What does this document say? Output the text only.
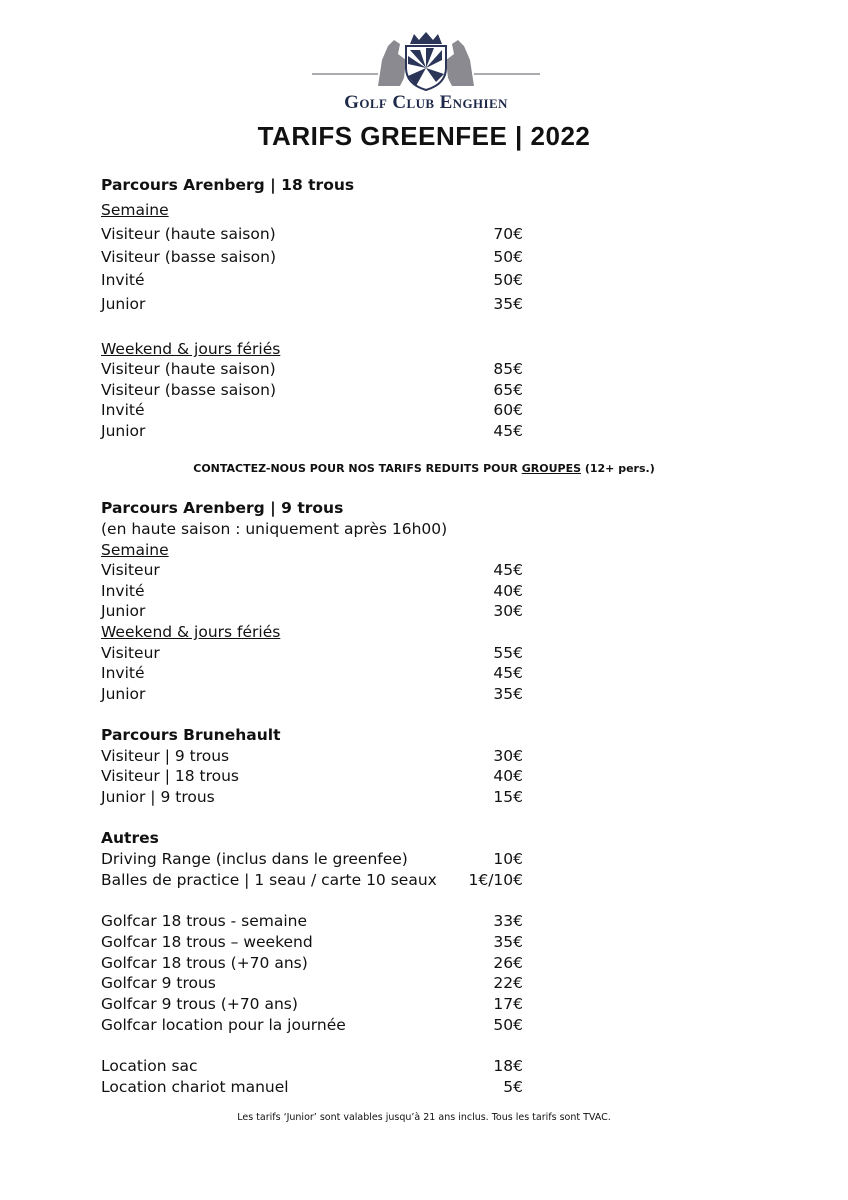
Golf Club Enghien
TARIFS GREENFEE | 2022
Parcours Arenberg | 18 trous
Semaine
Visiteur (haute saison)	70€
Visiteur (basse saison)	50€
Invité	50€
Junior	35€
Weekend & jours fériés
Visiteur (haute saison)	85€
Visiteur (basse saison)	65€
Invité	60€
Junior	45€
CONTACTEZ-NOUS POUR NOS TARIFS REDUITS POUR GROUPES (12+ pers.)
Parcours Arenberg | 9 trous
(en haute saison : uniquement après 16h00)
Semaine
Visiteur	45€
Invité	40€
Junior	30€
Weekend & jours fériés
Visiteur	55€
Invité	45€
Junior	35€
Parcours Brunehault
Visiteur | 9 trous	30€
Visiteur | 18 trous	40€
Junior | 9 trous	15€
Autres
Driving Range (inclus dans le greenfee)	10€
Balles de practice | 1 seau / carte 10 seaux 1€/10€
Golfcar 18 trous - semaine	33€
Golfcar 18 trous – weekend	35€
Golfcar 18 trous (+70 ans)	26€
Golfcar 9 trous	22€
Golfcar 9 trous (+70 ans)	17€
Golfcar location pour la journée	50€
Location sac	18€
Location chariot manuel	5€
Les tarifs ‘Junior’ sont valables jusqu’à 21 ans inclus. Tous les tarifs sont TVAC.
